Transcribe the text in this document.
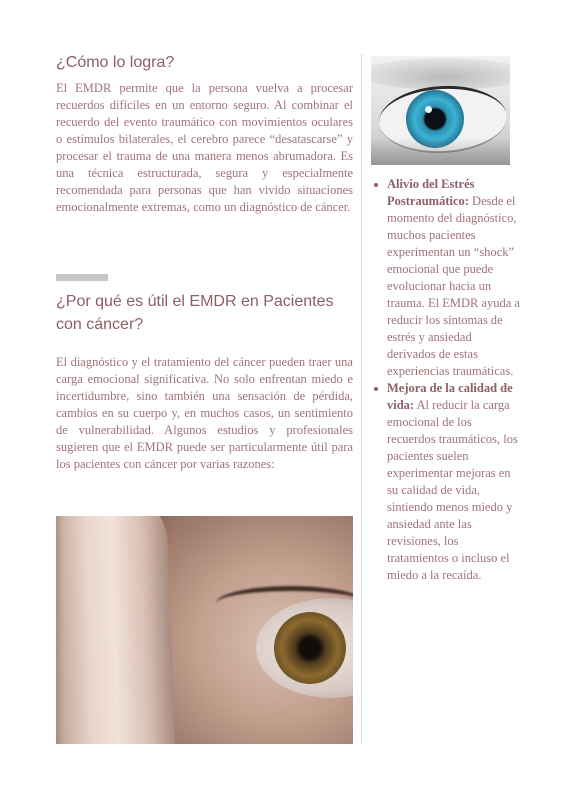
¿Cómo lo logra?

El EMDR permite que la persona vuelva a procesar recuerdos difíciles en un entorno seguro. Al combinar el recuerdo del evento traumático con movimientos oculares o estímulos bilaterales, el cerebro parece “desatascarse” y procesar el trauma de una manera menos abrumadora. Es una técnica estructurada, segura y especialmente recomendada para personas que han vivido situaciones emocionalmente extremas, como un diagnóstico de cáncer.

¿Por qué es útil el EMDR en Pacientes con cáncer?

El diagnóstico y el tratamiento del cáncer pueden traer una carga emocional significativa. No solo enfrentan miedo e incertidumbre, sino también una sensación de pérdida, cambios en su cuerpo y, en muchos casos, un sentimiento de vulnerabilidad. Algunos estudios y profesionales sugieren que el EMDR puede ser particularmente útil para los pacientes con cáncer por varias razones:

Alivio del Estrés Postraumático: Desde el momento del diagnóstico, muchos pacientes experimentan un “shock” emocional que puede evolucionar hacia un trauma. El EMDR ayuda a reducir los síntomas de estrés y ansiedad derivados de estas experiencias traumáticas.
Mejora de la calidad de vida: Al reducir la carga emocional de los recuerdos traumáticos, los pacientes suelen experimentar mejoras en su calidad de vida, sintiendo menos miedo y ansiedad ante las revisiones, los tratamientos o incluso el miedo a la recaída.
